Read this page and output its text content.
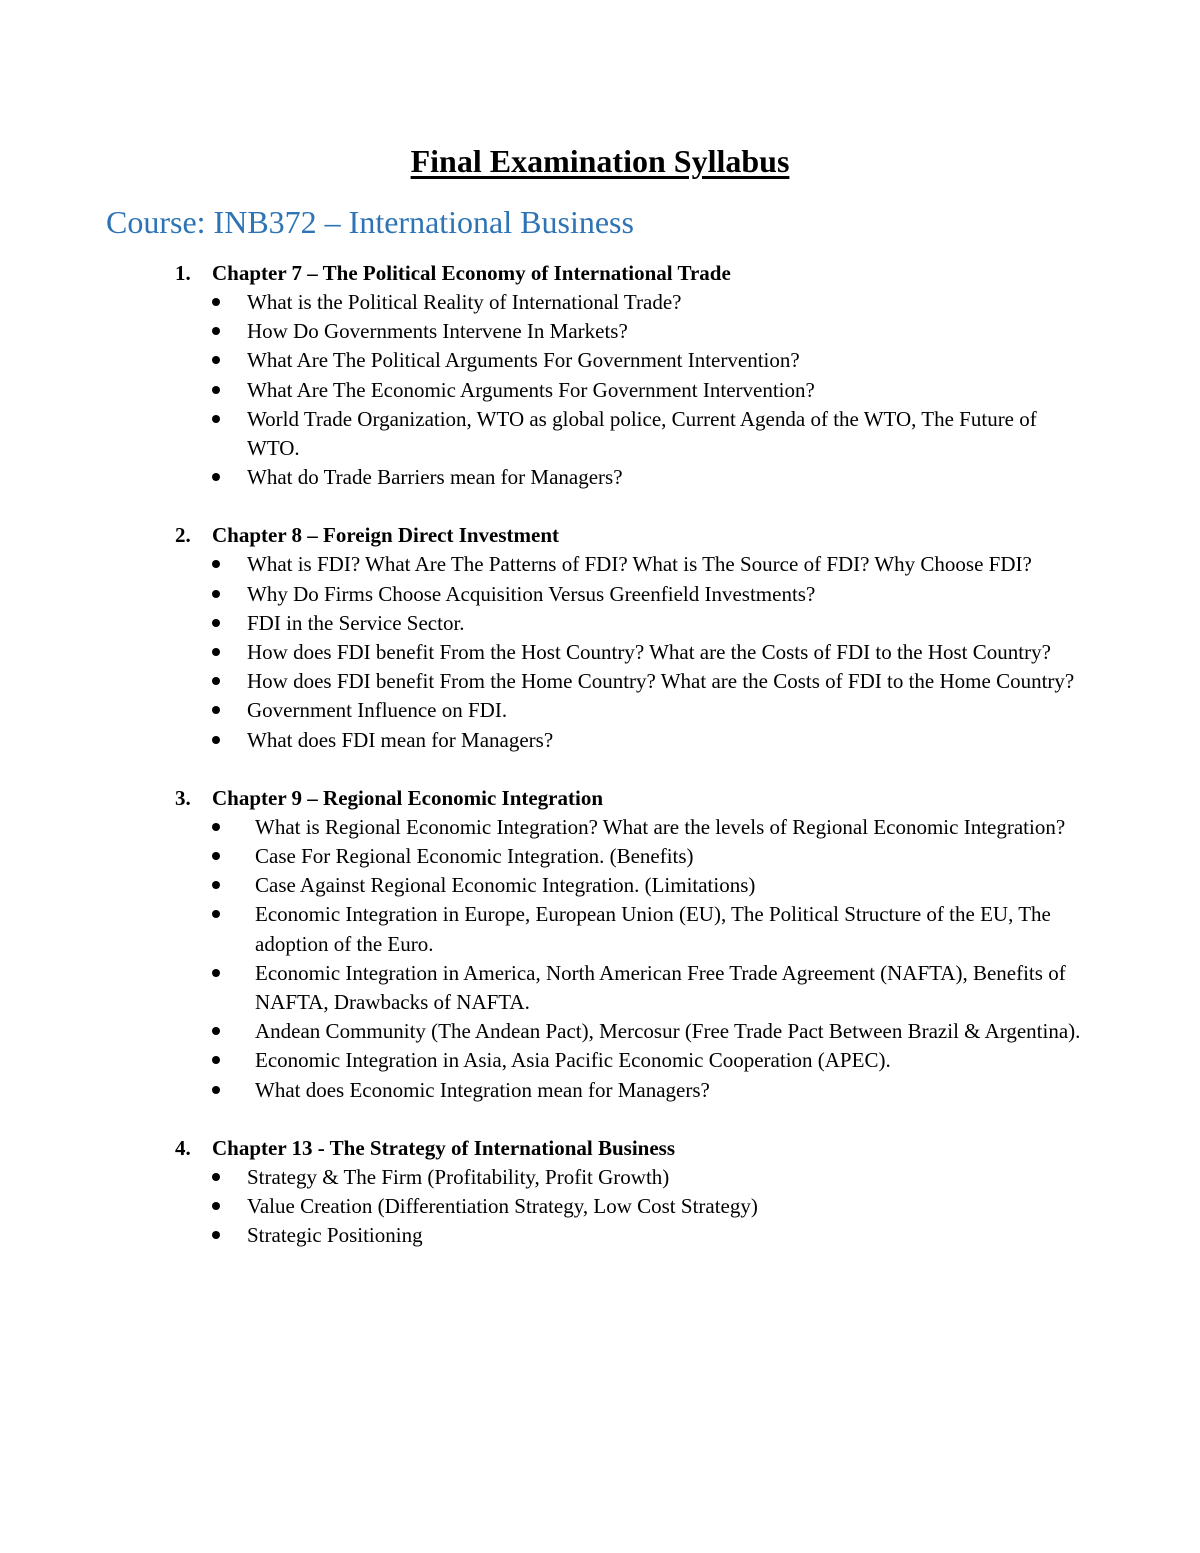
Final Examination Syllabus
Course: INB372 – International Business
1. Chapter 7 – The Political Economy of International Trade
What is the Political Reality of International Trade?
How Do Governments Intervene In Markets?
What Are The Political Arguments For Government Intervention?
What Are The Economic Arguments For Government Intervention?
World Trade Organization, WTO as global police, Current Agenda of the WTO, The Future of WTO.
What do Trade Barriers mean for Managers?
2. Chapter 8 – Foreign Direct Investment
What is FDI? What Are The Patterns of FDI? What is The Source of FDI? Why Choose FDI?
Why Do Firms Choose Acquisition Versus Greenfield Investments?
FDI in the Service Sector.
How does FDI benefit From the Host Country? What are the Costs of FDI to the Host Country?
How does FDI benefit From the Home Country? What are the Costs of FDI to the Home Country?
Government Influence on FDI.
What does FDI mean for Managers?
3. Chapter 9 – Regional Economic Integration
What is Regional Economic Integration? What are the levels of Regional Economic Integration?
Case For Regional Economic Integration. (Benefits)
Case Against Regional Economic Integration. (Limitations)
Economic Integration in Europe, European Union (EU), The Political Structure of the EU, The adoption of the Euro.
Economic Integration in America, North American Free Trade Agreement (NAFTA), Benefits of NAFTA, Drawbacks of NAFTA.
Andean Community (The Andean Pact), Mercosur (Free Trade Pact Between Brazil & Argentina).
Economic Integration in Asia, Asia Pacific Economic Cooperation (APEC).
What does Economic Integration mean for Managers?
4. Chapter 13 - The Strategy of International Business
Strategy & The Firm (Profitability, Profit Growth)
Value Creation (Differentiation Strategy, Low Cost Strategy)
Strategic Positioning
